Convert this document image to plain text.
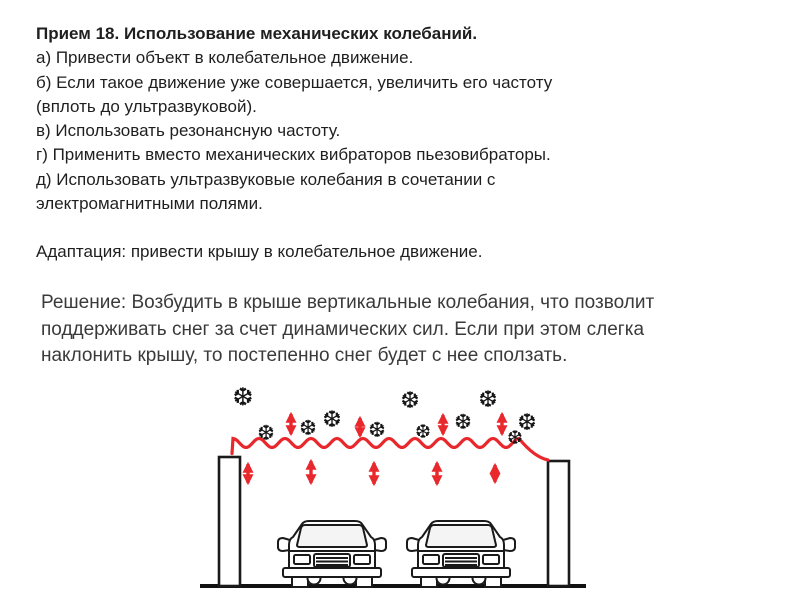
Прием 18. Использование механических колебаний.
а) Привести объект в колебательное движение.
б) Если такое движение уже совершается, увеличить его частоту
(вплоть до ультразвуковой).
в) Использовать резонансную частоту.
г) Применить вместо механических вибраторов пьезовибраторы.
д) Использовать ультразвуковые колебания в сочетании с
электромагнитными полями.
Адаптация: привести крышу в колебательное движение.
Решение: Возбудить в крыше вертикальные колебания, что позволит
поддерживать снег за счет динамических сил. Если при этом слегка
наклонить крышу, то постепенно снег будет с нее сползать.
❆
❆ ❆ ❆ ❆
❆
❆ ❆
❆
❆
❆
